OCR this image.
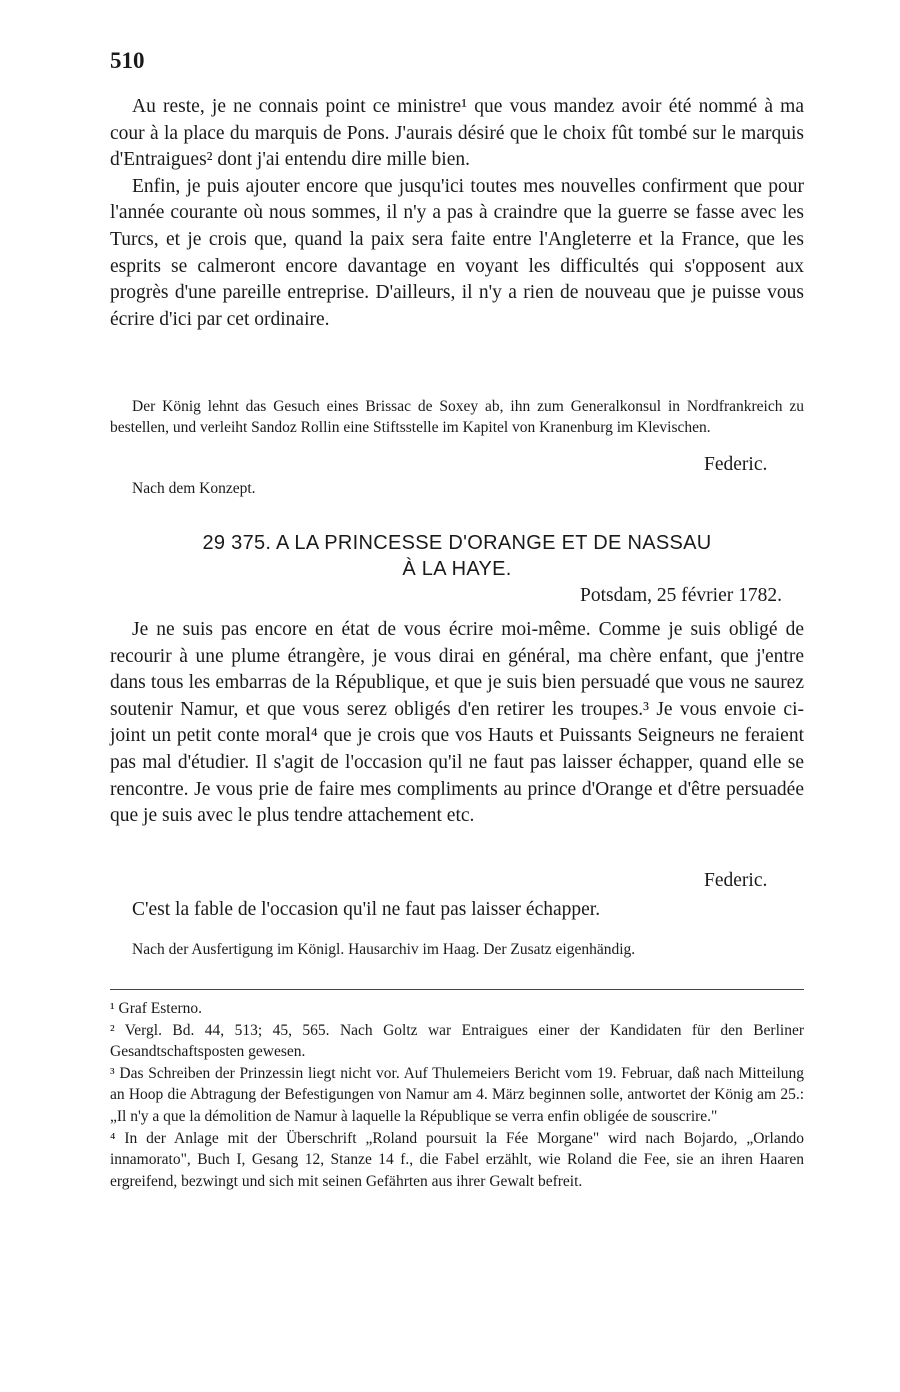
510

Au reste, je ne connais point ce ministre¹ que vous mandez avoir été nommé à ma cour à la place du marquis de Pons. J'aurais désiré que le choix fût tombé sur le marquis d'Entraigues² dont j'ai entendu dire mille bien.

Enfin, je puis ajouter encore que jusqu'ici toutes mes nouvelles confirment que pour l'année courante où nous sommes, il n'y a pas à craindre que la guerre se fasse avec les Turcs, et je crois que, quand la paix sera faite entre l'Angleterre et la France, que les esprits se calmeront encore davantage en voyant les difficultés qui s'opposent aux progrès d'une pareille entreprise. D'ailleurs, il n'y a rien de nouveau que je puisse vous écrire d'ici par cet ordinaire.

Der König lehnt das Gesuch eines Brissac de Soxey ab, ihn zum Generalkonsul in Nordfrankreich zu bestellen, und verleiht Sandoz Rollin eine Stiftsstelle im Kapitel von Kranenburg im Klevischen.

Federic.

Nach dem Konzept.

29 375. A LA PRINCESSE D'ORANGE ET DE NASSAU
À LA HAYE.
Potsdam, 25 février 1782.

Je ne suis pas encore en état de vous écrire moi-même. Comme je suis obligé de recourir à une plume étrangère, je vous dirai en général, ma chère enfant, que j'entre dans tous les embarras de la République, et que je suis bien persuadé que vous ne saurez soutenir Namur, et que vous serez obligés d'en retirer les troupes.³ Je vous envoie ci-joint un petit conte moral⁴ que je crois que vos Hauts et Puissants Seigneurs ne feraient pas mal d'étudier. Il s'agit de l'occasion qu'il ne faut pas laisser échapper, quand elle se rencontre. Je vous prie de faire mes compliments au prince d'Orange et d'être persuadée que je suis avec le plus tendre attachement etc.

Federic.

C'est la fable de l'occasion qu'il ne faut pas laisser échapper.

Nach der Ausfertigung im Königl. Hausarchiv im Haag. Der Zusatz eigenhändig.

¹ Graf Esterno.

² Vergl. Bd. 44, 513; 45, 565. Nach Goltz war Entraigues einer der Kandidaten für den Berliner Gesandtschaftsposten gewesen.

³ Das Schreiben der Prinzessin liegt nicht vor. Auf Thulemeiers Bericht vom 19. Februar, daß nach Mitteilung an Hoop die Abtragung der Befestigungen von Namur am 4. März beginnen solle, antwortet der König am 25.: „Il n'y a que la démolition de Namur à laquelle la République se verra enfin obligée de souscrire."

⁴ In der Anlage mit der Überschrift „Roland poursuit la Fée Morgane" wird nach Bojardo, „Orlando innamorato", Buch I, Gesang 12, Stanze 14 f., die Fabel erzählt, wie Roland die Fee, sie an ihren Haaren ergreifend, bezwingt und sich mit seinen Gefährten aus ihrer Gewalt befreit.
